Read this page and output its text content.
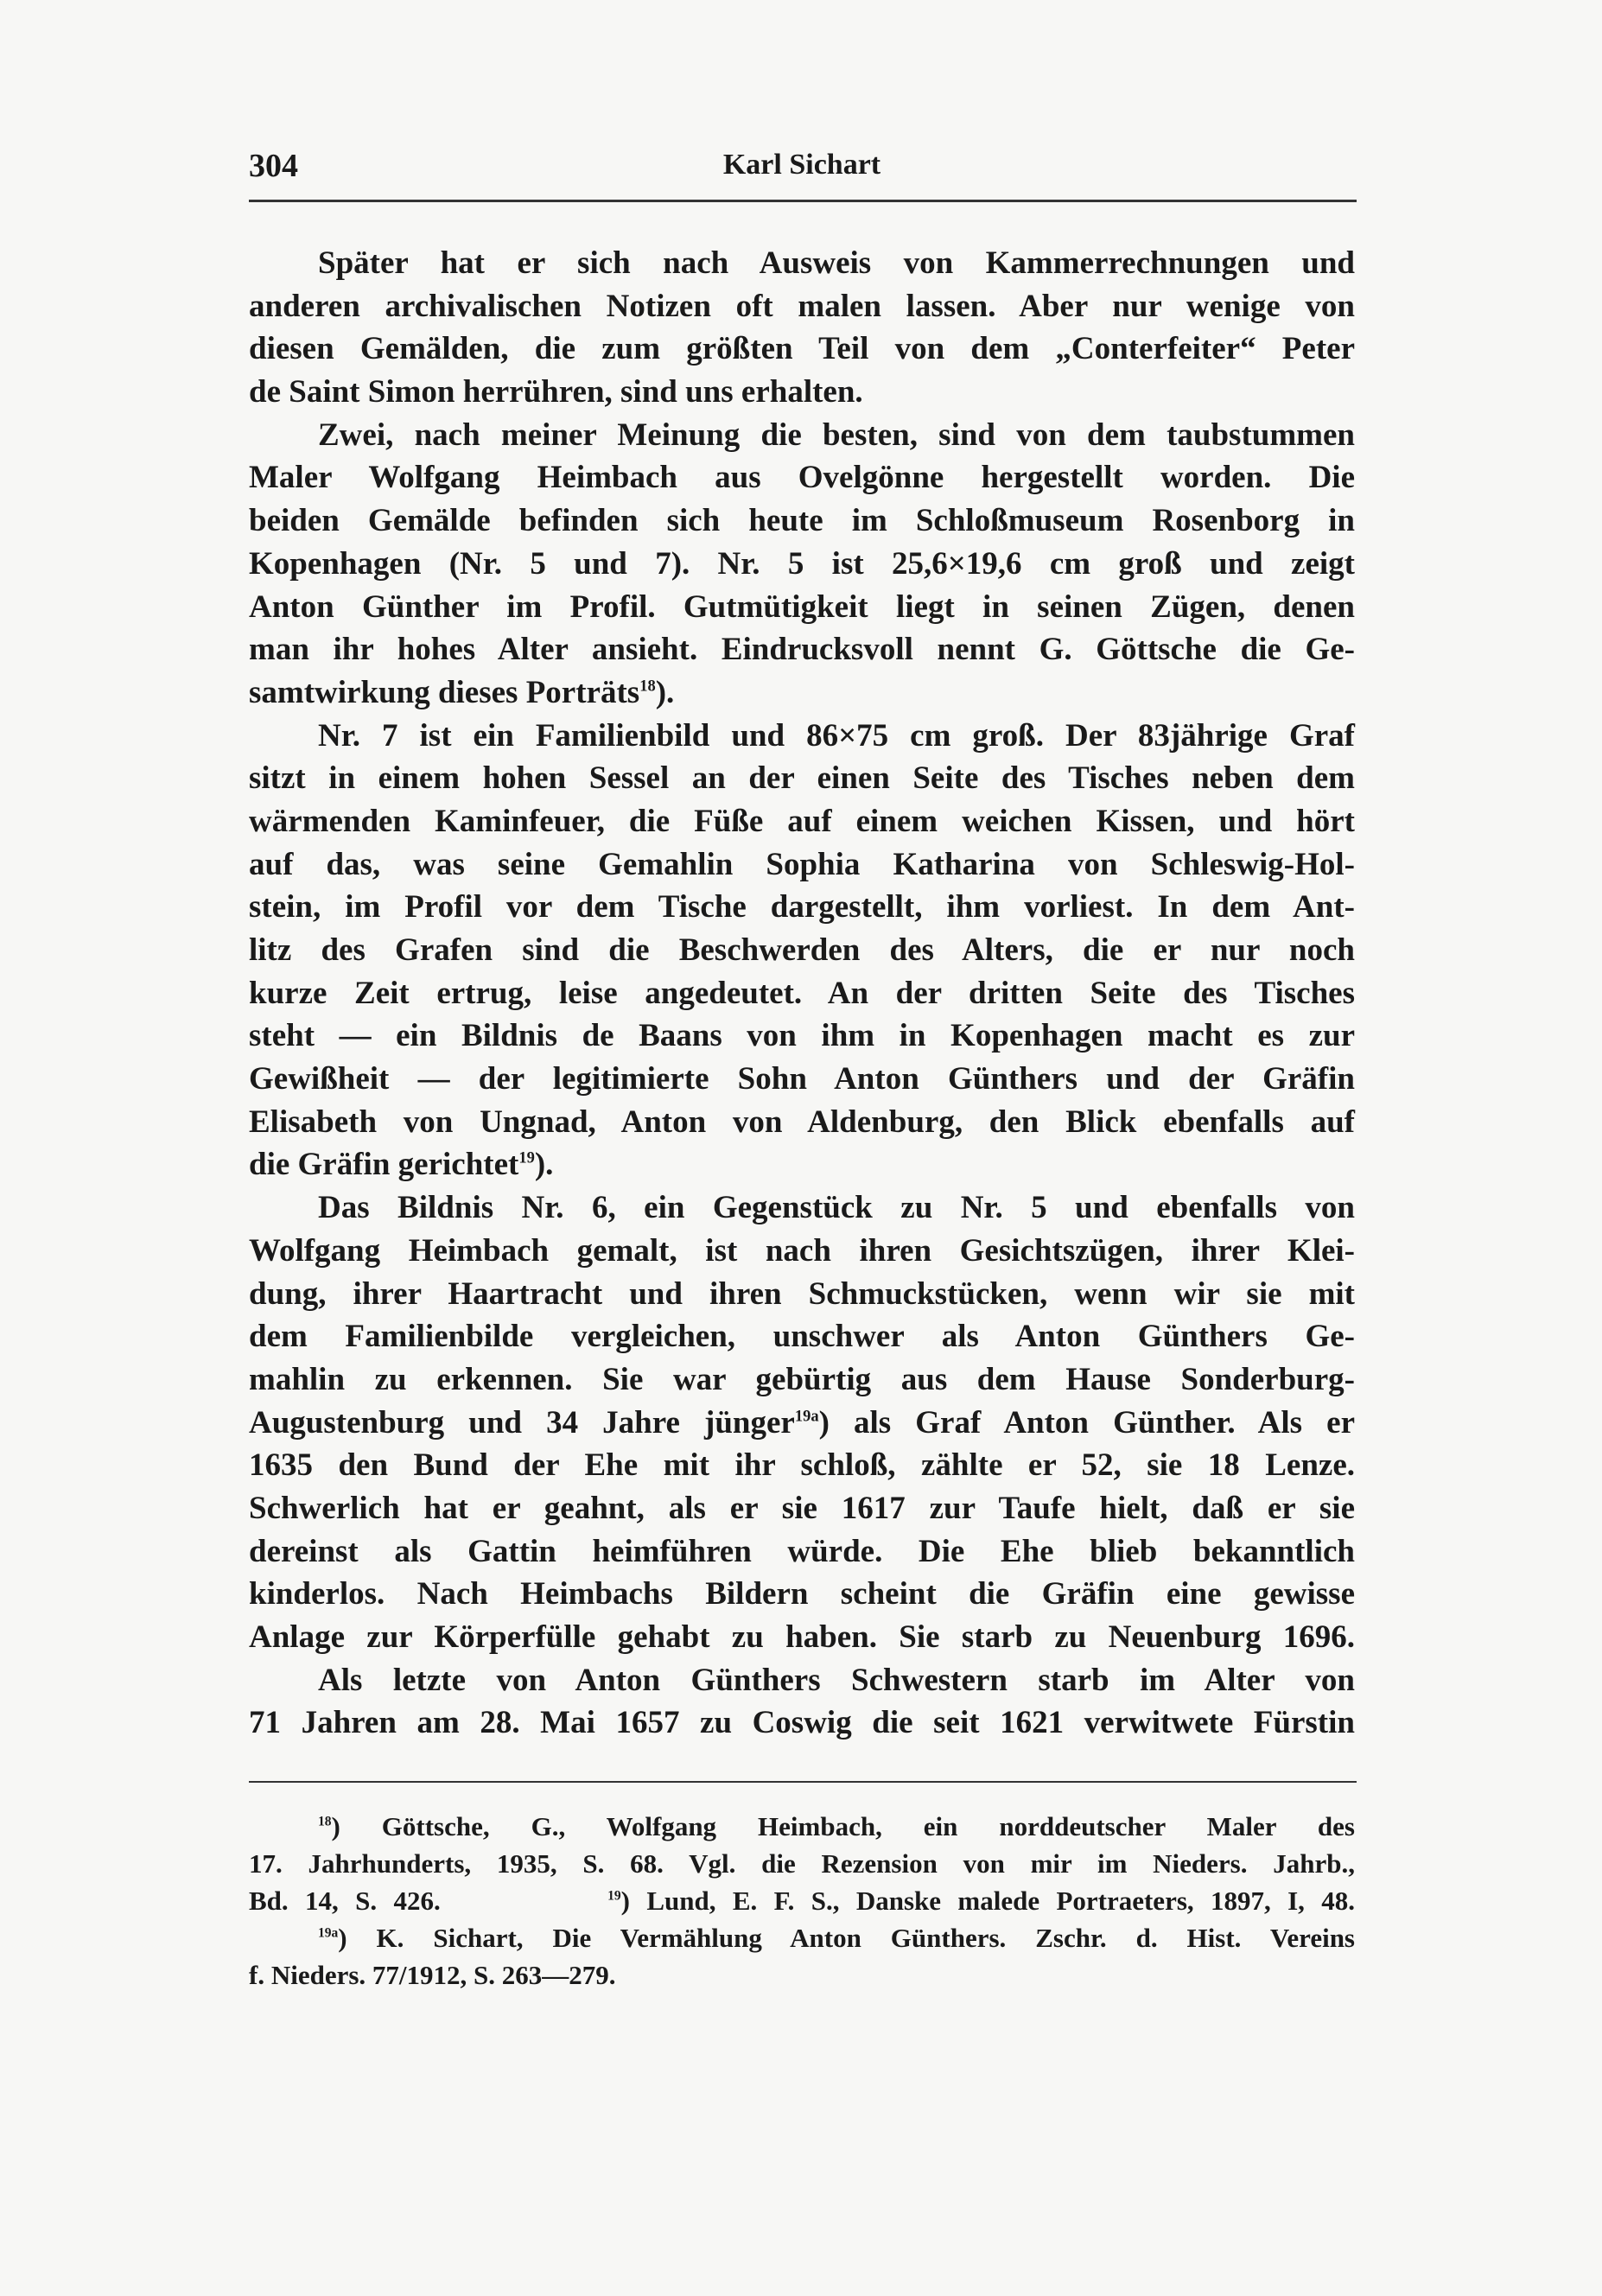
304	Karl Sichart
Später hat er sich nach Ausweis von Kammerrechnungen und
anderen archivalischen Notizen oft malen lassen. Aber nur wenige von
diesen Gemälden, die zum größten Teil von dem „Conterfeiter“ Peter
de Saint Simon herrühren, sind uns erhalten.
Zwei, nach meiner Meinung die besten, sind von dem taubstummen
Maler Wolfgang Heimbach aus Ovelgönne hergestellt worden. Die
beiden Gemälde befinden sich heute im Schloßmuseum Rosenborg in
Kopenhagen (Nr. 5 und 7). Nr. 5 ist 25,6×19,6 cm groß und zeigt
Anton Günther im Profil. Gutmütigkeit liegt in seinen Zügen, denen
man ihr hohes Alter ansieht. Eindrucksvoll nennt G. Göttsche die Ge-
samtwirkung dieses Porträts$^{18}$).
Nr. 7 ist ein Familienbild und 86×75 cm groß. Der 83jährige Graf
sitzt in einem hohen Sessel an der einen Seite des Tisches neben dem
wärmenden Kaminfeuer, die Füße auf einem weichen Kissen, und hört
auf das, was seine Gemahlin Sophia Katharina von Schleswig-Hol-
stein, im Profil vor dem Tische dargestellt, ihm vorliest. In dem Ant-
litz des Grafen sind die Beschwerden des Alters, die er nur noch
kurze Zeit ertrug, leise angedeutet. An der dritten Seite des Tisches
steht — ein Bildnis de Baans von ihm in Kopenhagen macht es zur
Gewißheit — der legitimierte Sohn Anton Günthers und der Gräfin
Elisabeth von Ungnad, Anton von Aldenburg, den Blick ebenfalls auf
die Gräfin gerichtet$^{19}$).
Das Bildnis Nr. 6, ein Gegenstück zu Nr. 5 und ebenfalls von
Wolfgang Heimbach gemalt, ist nach ihren Gesichtszügen, ihrer Klei-
dung, ihrer Haartracht und ihren Schmuckstücken, wenn wir sie mit
dem Familienbilde vergleichen, unschwer als Anton Günthers Ge-
mahlin zu erkennen. Sie war gebürtig aus dem Hause Sonderburg-
Augustenburg und 34 Jahre jünger$^{19a}$) als Graf Anton Günther. Als er
1635 den Bund der Ehe mit ihr schloß, zählte er 52, sie 18 Lenze.
Schwerlich hat er geahnt, als er sie 1617 zur Taufe hielt, daß er sie
dereinst als Gattin heimführen würde. Die Ehe blieb bekanntlich
kinderlos. Nach Heimbachs Bildern scheint die Gräfin eine gewisse
Anlage zur Körperfülle gehabt zu haben. Sie starb zu Neuenburg 1696.
Als letzte von Anton Günthers Schwestern starb im Alter von
71 Jahren am 28. Mai 1657 zu Coswig die seit 1621 verwitwete Fürstin
$^{18}$) Göttsche, G., Wolfgang Heimbach, ein norddeutscher Maler des
17. Jahrhunderts, 1935, S. 68. Vgl. die Rezension von mir im Nieders. Jahrb.,
Bd. 14, S. 426.          $^{19}$) Lund, E. F. S., Danske malede Portraeters, 1897, I, 48.
$^{19a}$) K. Sichart, Die Vermählung Anton Günthers. Zschr. d. Hist. Vereins
f. Nieders. 77/1912, S. 263—279.
